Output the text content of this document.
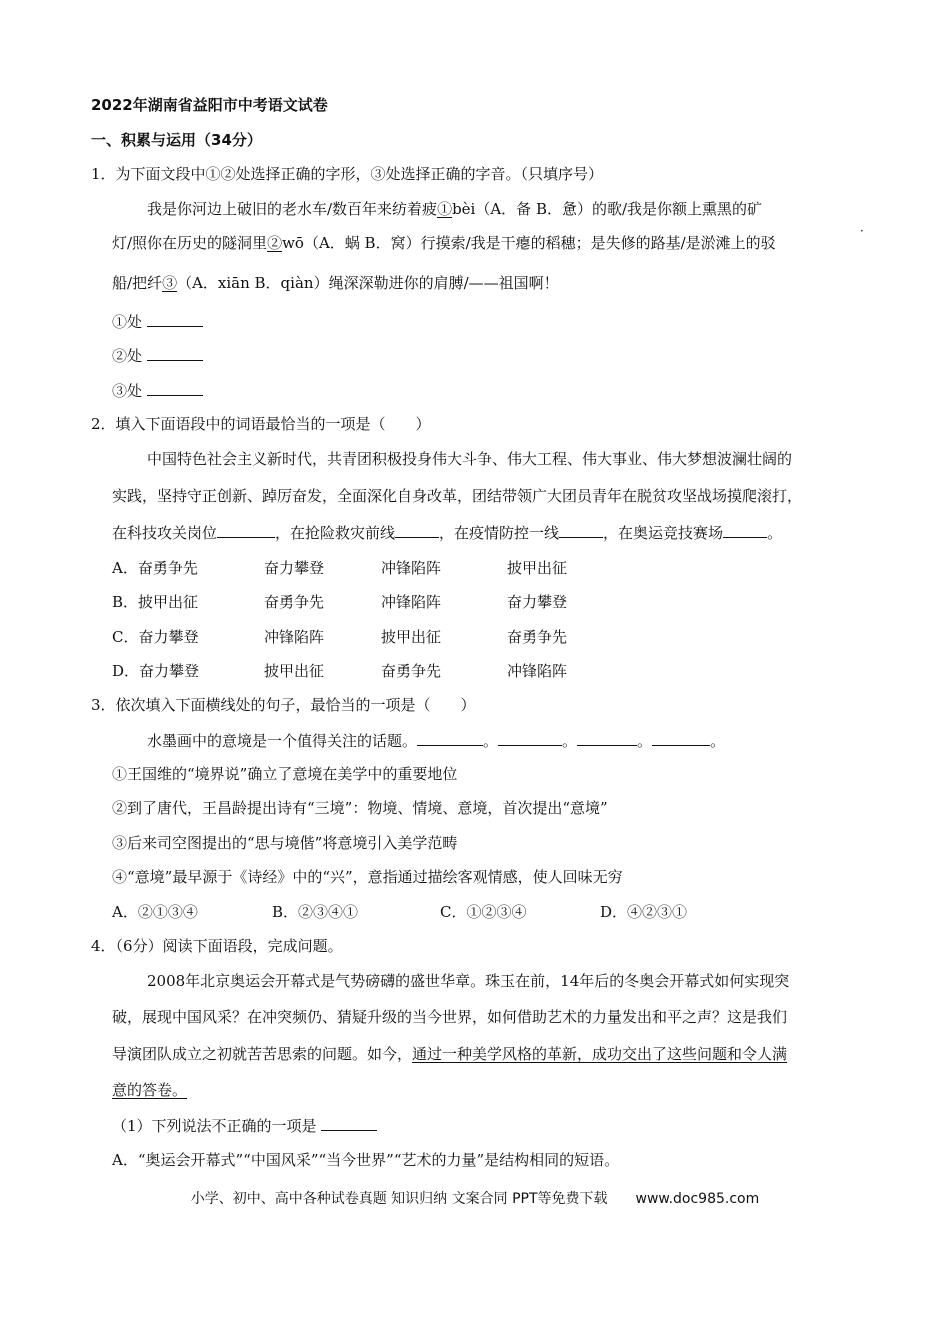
2022年湖南省益阳市中考语文试卷
一、积累与运用（34分）
1．为下面文段中①②处选择正确的字形，③处选择正确的字音。（只填序号）
我是你河边上破旧的老水车/数百年来纺着疲①bèi（A．备 B．惫）的歌/我是你额上熏黑的矿
灯/照你在历史的隧洞里②wō（A．蜗 B．窝）行摸索/我是干瘪的稻穗；是失修的路基/是淤滩上的驳
·
船/把纤③（A．xiān B．qiàn）绳深深勒进你的肩膊/——祖国啊！
①处
②处
③处
2．填入下面语段中的词语最恰当的一项是（　　）
中国特色社会主义新时代，共青团积极投身伟大斗争、伟大工程、伟大事业、伟大梦想波澜壮阔的
实践，坚持守正创新、踔厉奋发，全面深化自身改革，团结带领广大团员青年在脱贫攻坚战场摸爬滚打，
在科技攻关岗位	，在抢险救灾前线	，在疫情防控一线	，在奥运竞技赛场	。
A．奋勇争先	奋力攀登	冲锋陷阵	披甲出征
B．披甲出征	奋勇争先	冲锋陷阵	奋力攀登
C．奋力攀登	冲锋陷阵	披甲出征	奋勇争先
D．奋力攀登	披甲出征	奋勇争先	冲锋陷阵
3．依次填入下面横线处的句子，最恰当的一项是（　　）
水墨画中的意境是一个值得关注的话题。	。	。	。	。
①王国维的“境界说”确立了意境在美学中的重要地位
②到了唐代，王昌龄提出诗有“三境”：物境、情境、意境，首次提出“意境”
③后来司空图提出的“思与境偕”将意境引入美学范畴
④“意境”最早源于《诗经》中的“兴”，意指通过描绘客观情感，使人回味无穷
A．②①③④	B．②③④①	C．①②③④	D．④②③①
4．（6分）阅读下面语段，完成问题。
2008年北京奥运会开幕式是气势磅礴的盛世华章。珠玉在前，14年后的冬奥会开幕式如何实现突
破，展现中国风采？在冲突频仍、猜疑升级的当今世界，如何借助艺术的力量发出和平之声？这是我们
导演团队成立之初就苦苦思索的问题。如今，通过一种美学风格的革新，成功交出了这些问题和令人满
意的答卷。
（1）下列说法不正确的一项是
A．“奥运会开幕式”“中国风采”“当今世界”“艺术的力量”是结构相同的短语。
小学、初中、高中各种试卷真题 知识归纳 文案合同 PPT等免费下载　　www.doc985.com
